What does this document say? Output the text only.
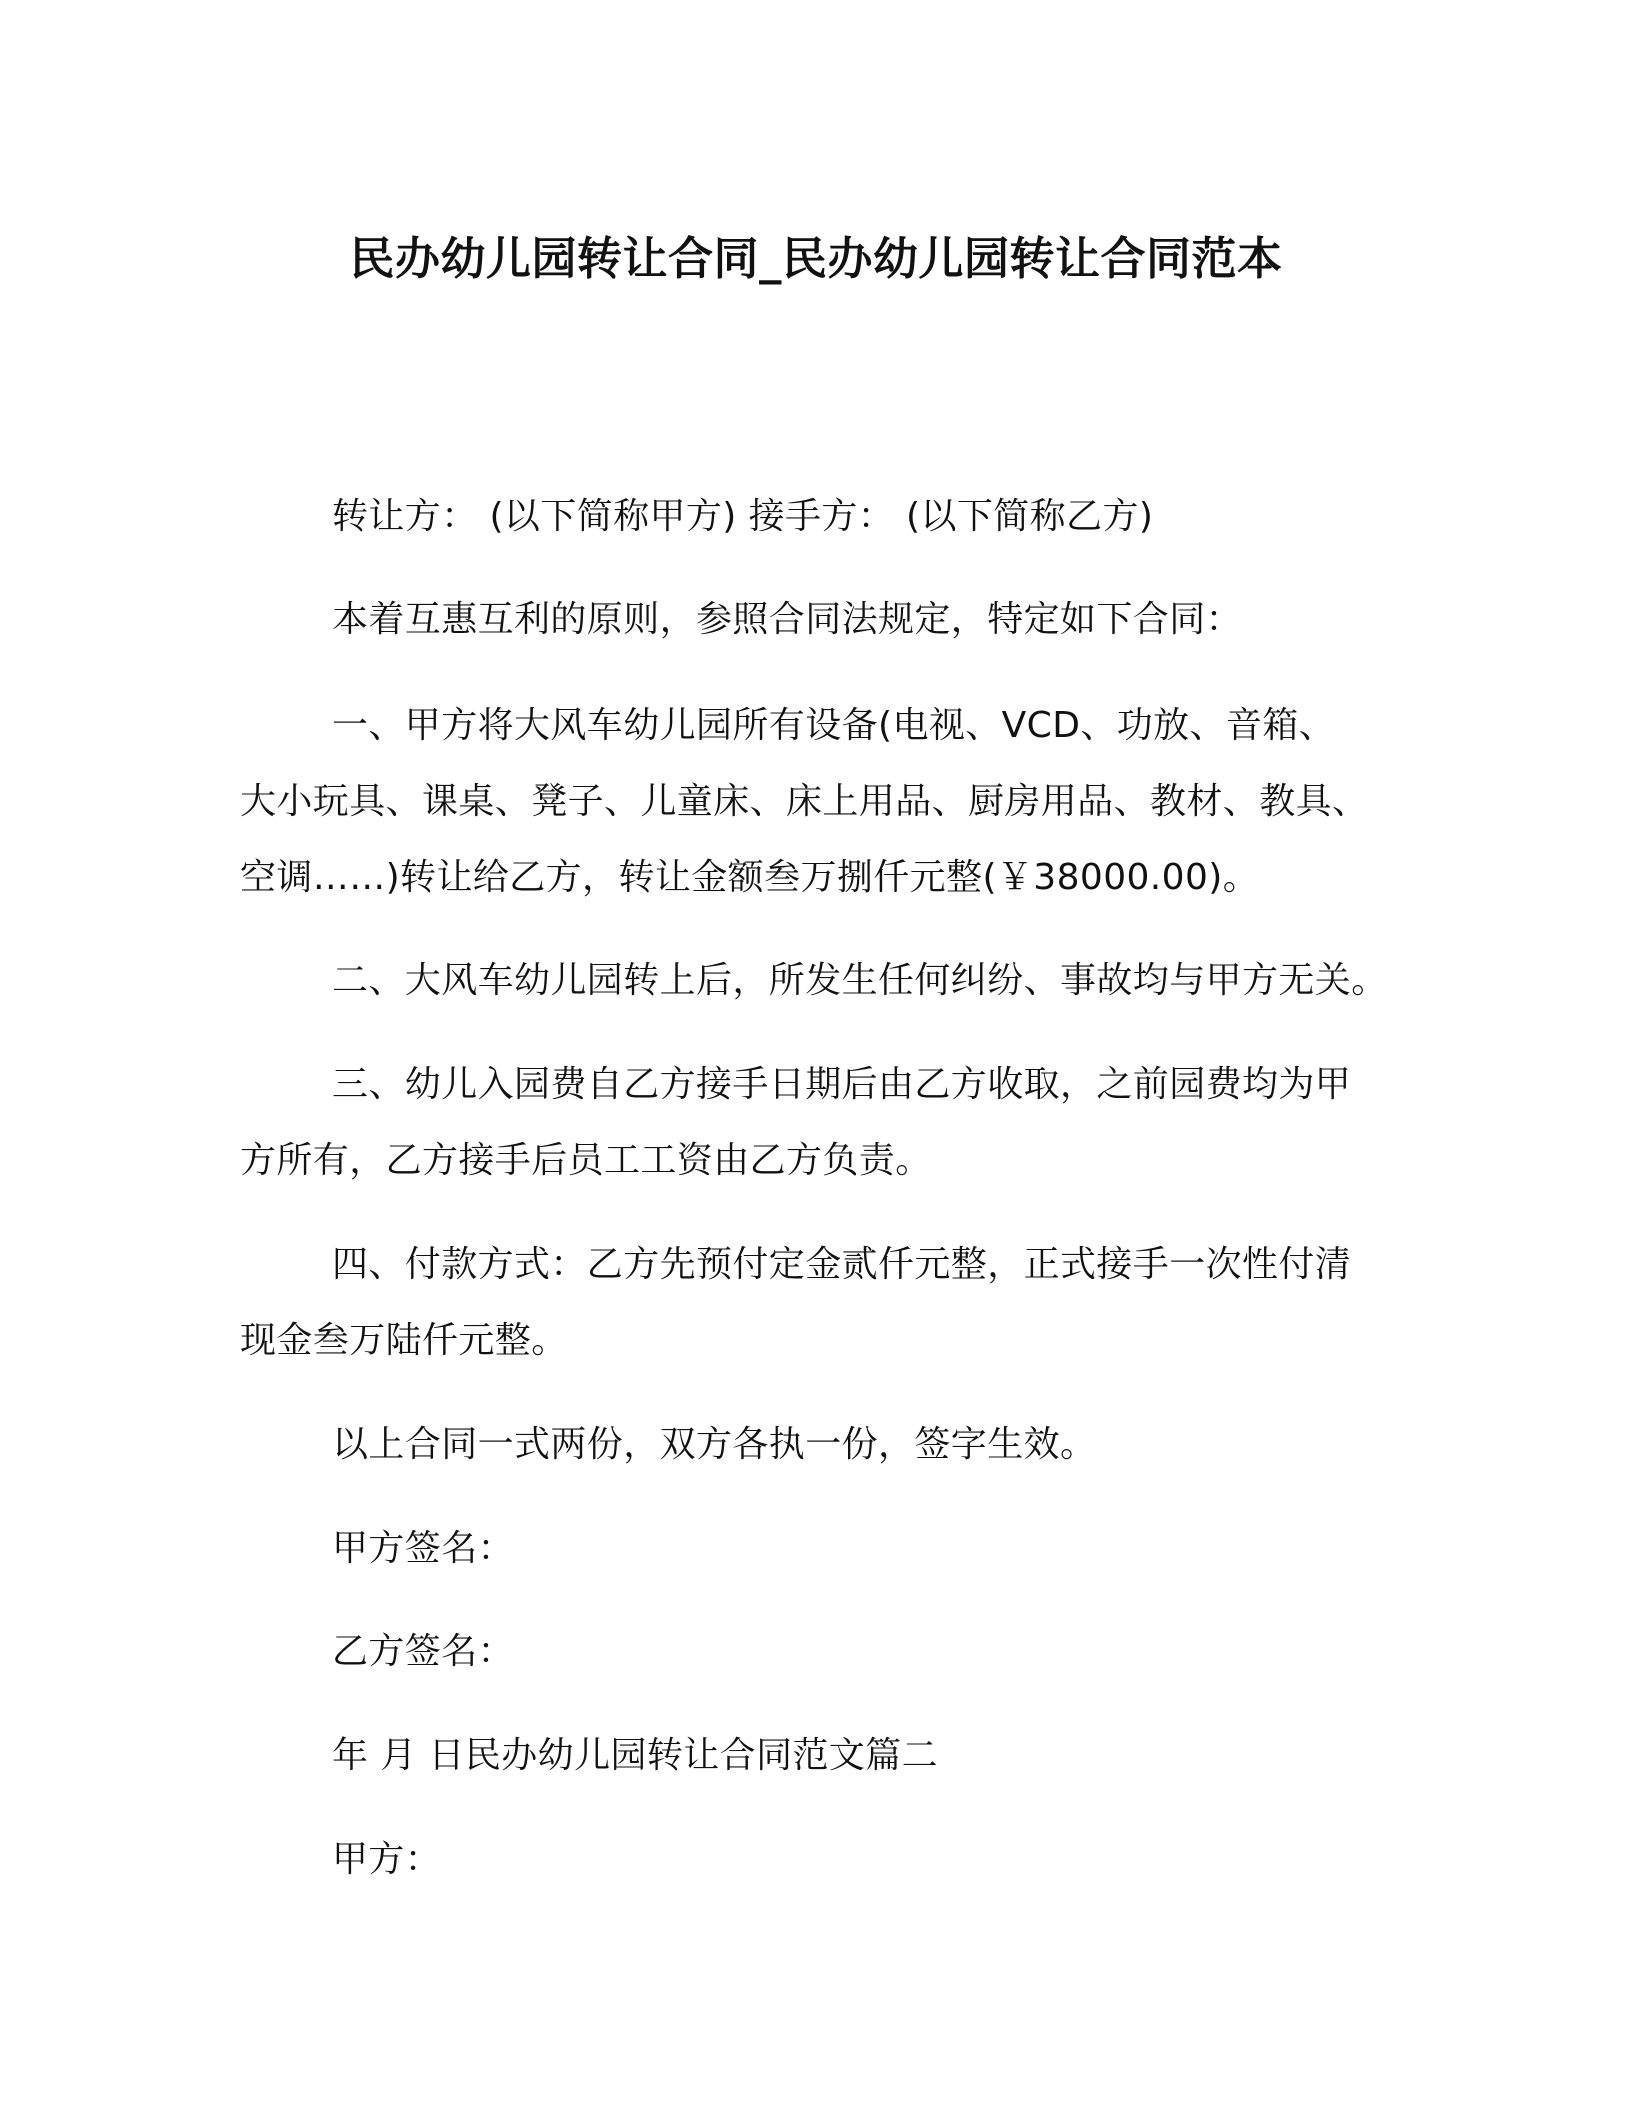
民办幼儿园转让合同_民办幼儿园转让合同范本
转让方： (以下简称甲方) 接手方： (以下简称乙方)
本着互惠互利的原则，参照合同法规定，特定如下合同：
一、甲方将大风车幼儿园所有设备(电视、VCD、功放、音箱、
大小玩具、课桌、凳子、儿童床、床上用品、厨房用品、教材、教具、
空调……)转让给乙方，转让金额叁万捌仟元整(￥38000.00)。
二、大风车幼儿园转上后，所发生任何纠纷、事故均与甲方无关。
三、幼儿入园费自乙方接手日期后由乙方收取，之前园费均为甲
方所有，乙方接手后员工工资由乙方负责。
四、付款方式：乙方先预付定金贰仟元整，正式接手一次性付清
现金叁万陆仟元整。
以上合同一式两份，双方各执一份，签字生效。
甲方签名：
乙方签名：
年 月 日民办幼儿园转让合同范文篇二
甲方：
